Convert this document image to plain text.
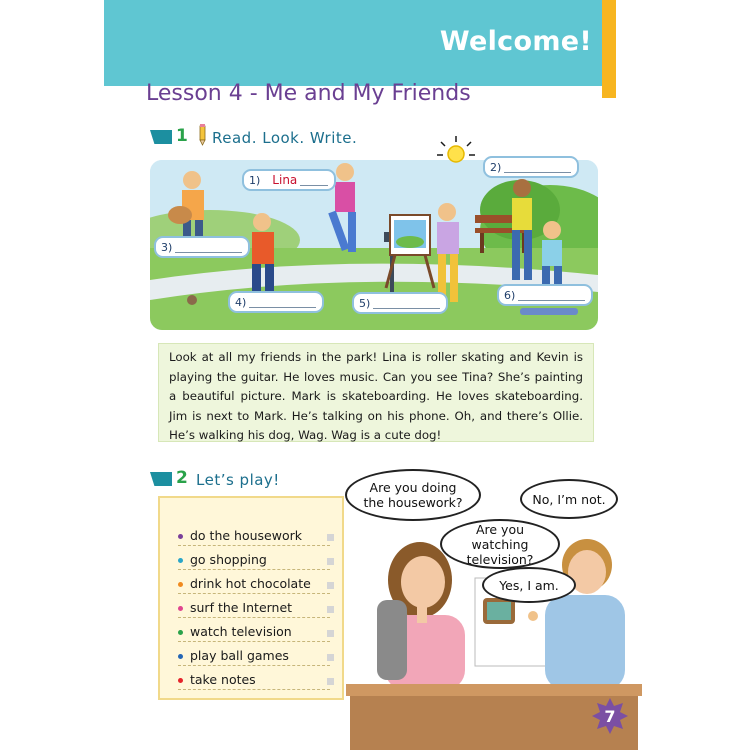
Welcome!
Lesson 4 - Me and My Friends
1 Read. Look. Write.
1) Lina
2)
3)
4)	5)
6)

Look at all my friends in the park! Lina is roller skating and Kevin is playing the guitar. He loves music. Can you see Tina? She’s painting a beautiful picture. Mark is skateboarding. He loves skateboarding. Jim is next to Mark. He’s talking on his phone. Oh, and there’s Ollie. He’s walking his dog, Wag. Wag is a cute dog!

2 Let’s play!
do the housework
go shopping
drink hot chocolate
surf the Internet
watch television
play ball games
take notes
Are you doing the housework?	No, I’m not.
Are you watching television?
Yes, I am.
7
